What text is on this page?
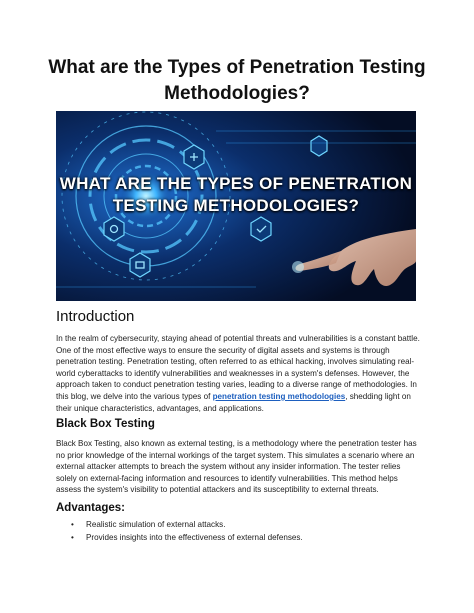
What are the Types of Penetration Testing Methodologies?
WHAT ARE THE TYPES OF PENETRATION
TESTING METHODOLOGIES?
Introduction

In the realm of cybersecurity, staying ahead of potential threats and vulnerabilities is a constant battle. One of the most effective ways to ensure the security of digital assets and systems is through penetration testing. Penetration testing, often referred to as ethical hacking, involves simulating real-world cyberattacks to identify vulnerabilities and weaknesses in a system's defenses. However, the approach taken to conduct penetration testing varies, leading to a diverse range of methodologies. In this blog, we delve into the various types of penetration testing methodologies, shedding light on their unique characteristics, advantages, and applications.

Black Box Testing

Black Box Testing, also known as external testing, is a methodology where the penetration tester has no prior knowledge of the internal workings of the target system. This simulates a scenario where an external attacker attempts to breach the system without any insider information. The tester relies solely on external-facing information and resources to identify vulnerabilities. This method helps assess the system's visibility to potential attackers and its susceptibility to external threats.

Advantages:
• Realistic simulation of external attacks.
• Provides insights into the effectiveness of external defenses.
